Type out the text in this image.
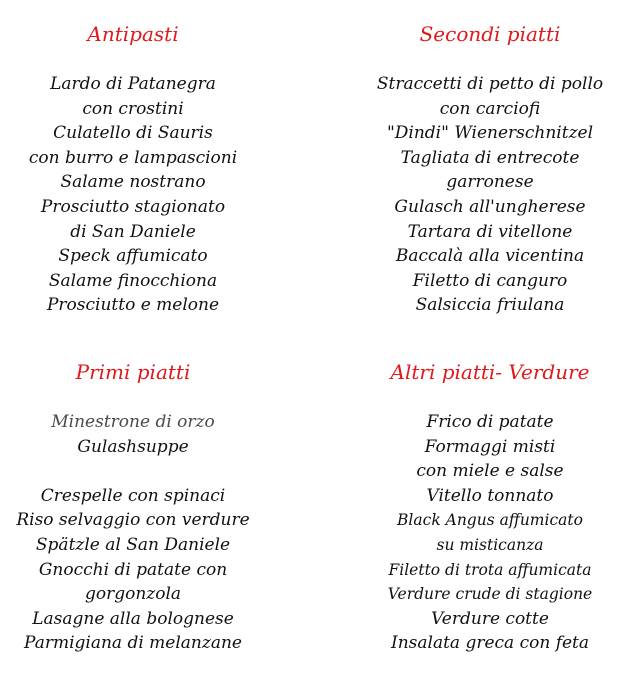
Antipasti
Lardo di Patanegra
con crostini
Culatello di Sauris
con burro e lampascioni
Salame nostrano
Prosciutto stagionato
di San Daniele
Speck affumicato
Salame finocchiona
Prosciutto e melone
Secondi piatti
Straccetti di petto di pollo
con carciofi
"Dindi" Wienerschnitzel
Tagliata di entrecote
garronese
Gulasch all'ungherese
Tartara di vitellone
Baccalà alla vicentina
Filetto di canguro
Salsiccia friulana
Primi piatti
Minestrone di orzo
Gulashsuppe
Crespelle con spinaci
Riso selvaggio con verdure
Spätzle al San Daniele
Gnocchi di patate con
gorgonzola
Lasagne alla bolognese
Parmigiana di melanzane
Altri piatti- Verdure
Frico di patate
Formaggi misti
con miele e salse
Vitello tonnato
Black Angus affumicato
su misticanza
Filetto di trota affumicata
Verdure crude di stagione
Verdure cotte
Insalata greca con feta
